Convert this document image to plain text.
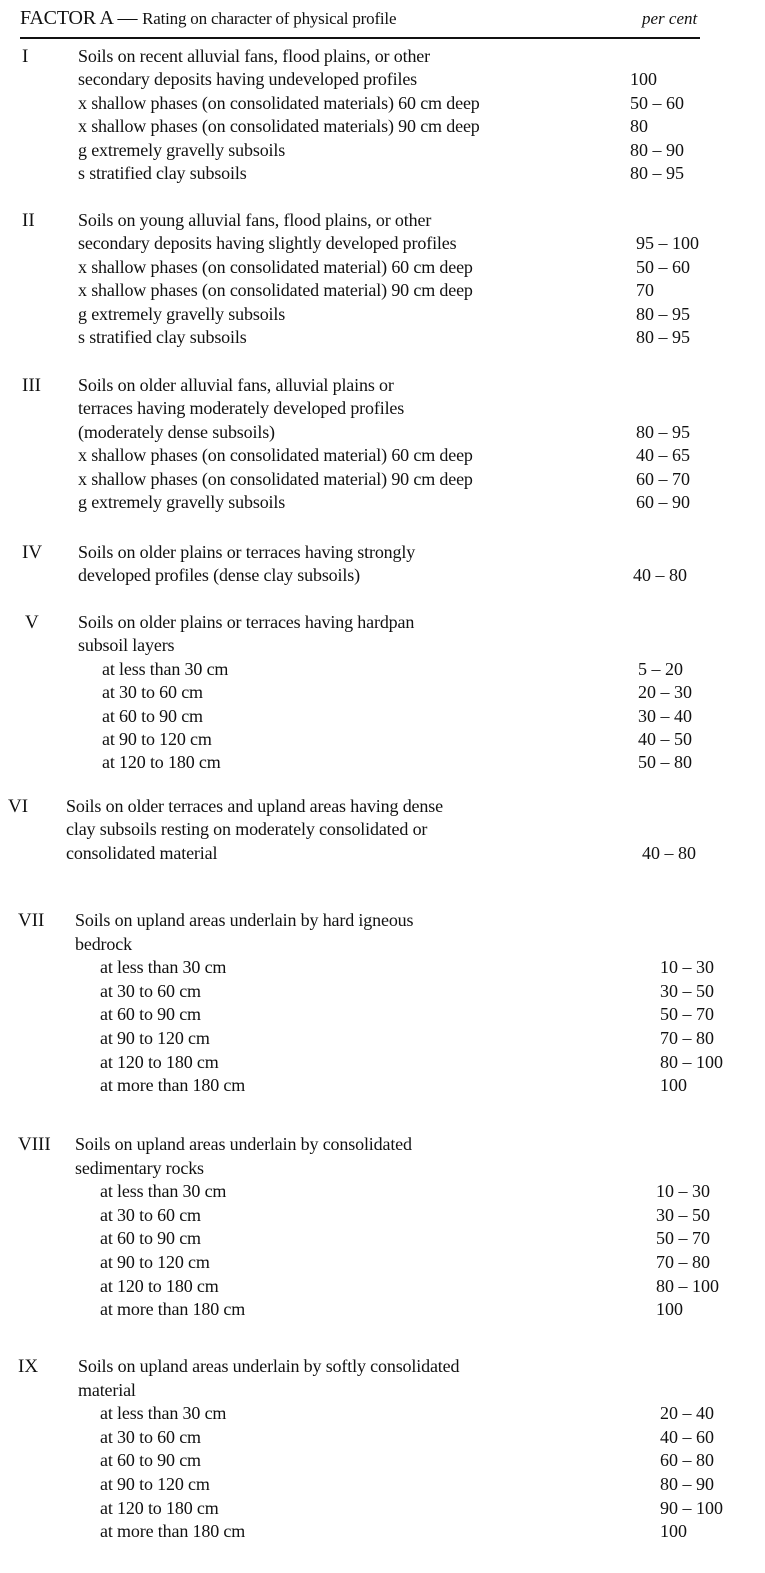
FACTOR A — Rating on character of physical profile	per cent
I	Soils on recent alluvial fans, flood plains, or other
secondary deposits having undeveloped profiles	100
x shallow phases (on consolidated materials) 60 cm deep	50 – 60
x shallow phases (on consolidated materials) 90 cm deep	80
g extremely gravelly subsoils	80 – 90
s stratified clay subsoils	80 – 95
II Soils on young alluvial fans, flood plains, or other
secondary deposits having slightly developed profiles	95 – 100
x shallow phases (on consolidated material) 60 cm deep	50 – 60
x shallow phases (on consolidated material) 90 cm deep	70
g extremely gravelly subsoils	80 – 95
s stratified clay subsoils	80 – 95
III Soils on older alluvial fans, alluvial plains or
terraces having moderately developed profiles
(moderately dense subsoils)	80 – 95
x shallow phases (on consolidated material) 60 cm deep	40 – 65
x shallow phases (on consolidated material) 90 cm deep	60 – 70
g extremely gravelly subsoils	60 – 90
IV Soils on older plains or terraces having strongly
developed profiles (dense clay subsoils)	40 – 80
V Soils on older plains or terraces having hardpan
subsoil layers
at less than 30 cm	5 – 20
at 30 to 60 cm	20 – 30
at 60 to 90 cm	30 – 40
at 90 to 120 cm	40 – 50
at 120 to 180 cm	50 – 80
VI Soils on older terraces and upland areas having dense
clay subsoils resting on moderately consolidated or
consolidated material	40 – 80
VII Soils on upland areas underlain by hard igneous
bedrock
at less than 30 cm	10 – 30
at 30 to 60 cm	30 – 50
at 60 to 90 cm	50 – 70
at 90 to 120 cm	70 – 80
at 120 to 180 cm	80 – 100
at more than 180 cm	100
VIII Soils on upland areas underlain by consolidated
sedimentary rocks
at less than 30 cm	10 – 30
at 30 to 60 cm	30 – 50
at 60 to 90 cm	50 – 70
at 90 to 120 cm	70 – 80
at 120 to 180 cm	80 – 100
at more than 180 cm	100
IX Soils on upland areas underlain by softly consolidated
material
at less than 30 cm	20 – 40
at 30 to 60 cm	40 – 60
at 60 to 90 cm	60 – 80
at 90 to 120 cm	80 – 90
at 120 to 180 cm	90 – 100
at more than 180 cm	100
